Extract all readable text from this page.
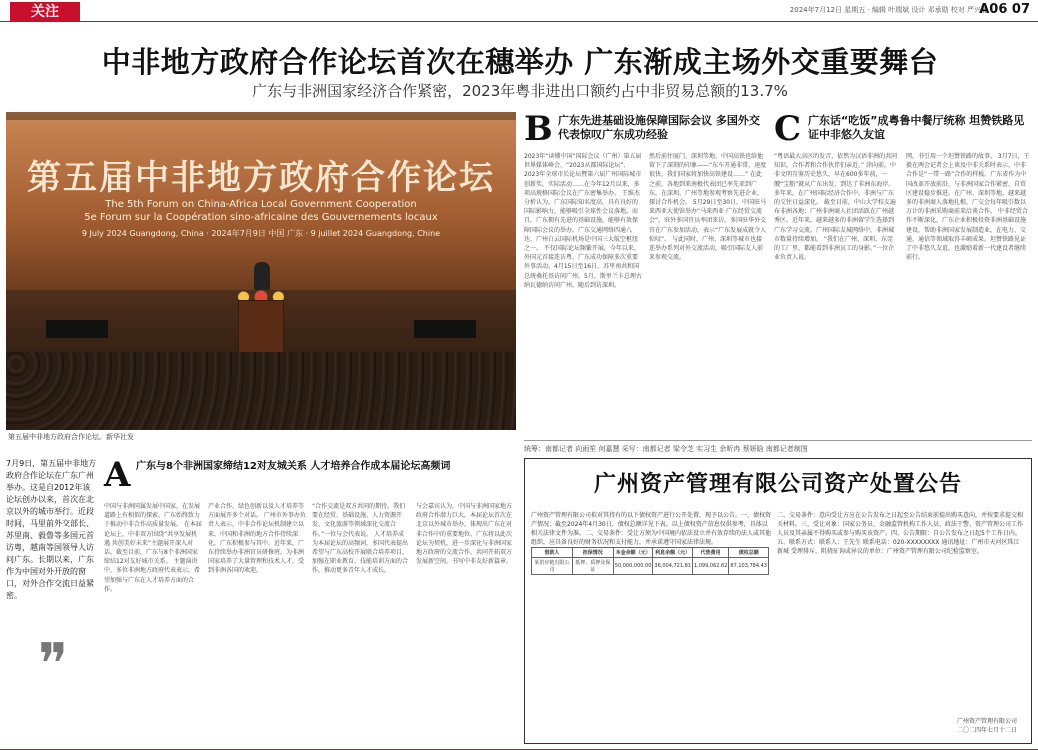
关注	2024年7月12日 星期五 · 编辑 叶瑞斌 设计 邓承勋 校对 严兴胜
A06 07
中非地方政府合作论坛首次在穗举办 广东渐成主场外交重要舞台
广东与非洲国家经济合作紧密，2023年粤非进出口额约占中非贸易总额的13.7%
第五届中非地方政府合作论坛
The 5th Forum on China-Africa Local Government Cooperation
5e Forum sur la Coopération sino-africaine des Gouvernements locaux
9 July 2024 Guangdong, China · 2024年7月9日 中国 广东 · 9 juillet 2024 Guangdong, Chine
第五届中非地方政府合作论坛。新华社发
B 广东先进基础设施保障国际会议 多国外交代表惊叹广东成功经验
2023年“读懂中国”国际会议（广州）第五届世界媒体峰会、“2023从都国际论坛”、2023年全球市长论坛暨第六届广州国际城市创新奖、实际活动……在今年12月以来，多项高规格国际会议在广东密集举办。 王维杰分析认为，广东国际知名度高，具有良好的国际影响力，能够吸引全球性会议落地。而且，广东拥有先进的基础设施，能够有效保障国际会议的举办。广东交通网络四通八达、广州白云国际机场是中国三大航空枢纽之一。 不仅国际论坛频繁开展，今年以来，外国元首接连访粤，广东成功保障多次重要外事活动。4月15日至16日，苏里南共和国总统桑托基访问广州。5月，斯里兰卡总理古纳瓦德纳访问广州，随后到访深圳。
然后前往厦门、深圳等地，中国高铁也给他留下了深刻的印象——“东车开通非常，速度很快，我们国家将加快高铁建设……” 在此之前，各地到来南极代表团已率先来到广东，在深圳、广州等地参观考察先进企业，探讨合作机会。 5月29日至30日，中国驻马来西亚大使馆举办“马来西亚·广东经贸交流会”，驻外多国官员率团来访。多国驻华外交官在广东参加活动，表示“广东发展成就令人惊叹”。 与此同时，广州、深圳等城市也接连举办系列对外交流活动，吸引国际友人前来参观交流。
C 广东话“吃饭”成粤鲁中餐厅统称 坦赞铁路见证中非悠久友谊
“粤语最大高区的发音，依然为汉语非洲的共同知识，合作者和合作伙伴们亲近。” 涂向前，中非文明互鉴历史悠久，早在600多年前，一艘“宝船”就从广东出发，到达了非洲东海岸。多年来，在广州国际经济合作中，非洲与广东的交往日益深化。 截至目前，中山大学校友遍布非洲各地；广州非洲商人社团活跃在广州越秀区。近年来，越来越多的非洲留学生选择到广东学习交流。广州国际友城网络中，非洲城市数量持续增加。 “我们在广州、深圳、东莞的工厂里，都能看到非洲员工的身影。”一位企业负责人说。
网，书引用一个坦赞铁路的故事。 3月7日，王毅在两会记者会上谈及中非关系时表示，中非合作是“一带一路”合作的样板。广东省作为中国改革开放前沿，与非洲国家合作紧密，自贸区建设稳步推进。在广州、深圳等地，越来越多的非洲商人落地扎根，广交会每年吸引数以万计的非洲采购商前来洽谈合作。 中非经贸合作不断深化，广东企业积极投资非洲基础设施建设，帮助非洲国家发展制造业，在电力、交通、通信等领域取得丰硕成果。坦赞铁路见证了中非悠久友谊，也激励着新一代建设者继续前行。
统筹：南都记者 向雨笙 何嘉慧 采写：南都记者 梁令芝 实习生 余昕冉 蔡妍晗 南都记者制图
7月9日，第五届中非地方政府合作论坛在广东广州举办。这是自2012年该论坛创办以来，首次在北京以外的城市举行。近段时间，马里前外交部长、苏里南、毅鲁等多国元首访粤，越南等国领导人访问广东。长期以来，广东作为中国对外开放的窗口，对外合作交流日益紧密。
❞
A 广东与8个非洲国家缔结12对友城关系 人才培养合作成本届论坛高频词
中国与非洲同属发展中国家，在发展道路上有相似的探索，广东始终致力于推动中非合作高质量发展。 在本届论坛上，中非双方围绕“共享发展机遇 共创美好未来”主题展开深入对话。截至目前，广东与8个非洲国家缔结12对友好城市关系。 主题演讲中，多位非洲地方政府代表表示，希望加强与广东在人才培养方面的合作。
产业合作，绿色创新以及人才培养等方面展开多个对话。 广州市外事办负责人表示，中非合作论坛机制建立以来，中国和非洲的地方合作持续深化，广东积极参与其中。近年来，广东持续举办非洲官员研修班，为非洲国家培养了大量管理和技术人才，受到非洲各国的欢迎。
“合作交流是双方共同的期待。我们要在经贸、基础设施、人力资源开发、文化旅游等领域深化交流合作。”一位与会代表说。 人才培养成为本届论坛的高频词，多国代表提出希望与广东高校开展联合培养项目，加强在职业教育、技能培训方面的合作，推动更多青年人才成长。
与会嘉宾认为，中国与非洲国家地方政府合作潜力巨大。本届论坛首次在北京以外城市举办，体现出广东在对非合作中的重要地位。广东将以此次论坛为契机，进一步深化与非洲国家地方政府的交流合作，共同开拓双方发展新空间，书写中非友好新篇章。
广州资产管理有限公司资产处置公告
广州资产管理有限公司拟对其持有的以下债权资产进行公开处置，现予以公告。一、债权资产情况：截至2024年4月30日，债权总额详见下表。以上债权资产信息仅供参考，具体以相关法律文件为准。二、交易条件：受让方须为中国境内依法设立并有效存续的法人或其他组织，应具备良好的财务状况和支付能力，并承诺遵守国家法律法规。
借款人	担保情况	本金余额（元）	利息余额（元）	代垫费用	债权总额
某供应链有限公司	抵押、质押及保证	50,000,000.00	36,004,721.81	1,099,062.62	87,103,784.43
二、交易条件：意向受让方应在公告发布之日起至公告结束前提出购买意向，并按要求提交相关材料。三、受让对象：国家公务员、金融监管机构工作人员、政法干警、资产管理公司工作人员及其亲属不得购买或参与购买该资产。四、公告期限：自公告发布之日起5个工作日内。五、联系方式：联系人：王先生 联系电话：020-XXXXXXXX 通讯地址：广州市天河区珠江新城 受理排斥、阻挠征询或异议的单位：广州资产管理有限公司纪检监察室。
广州资产管理有限公司
二〇二四年七月十二日
